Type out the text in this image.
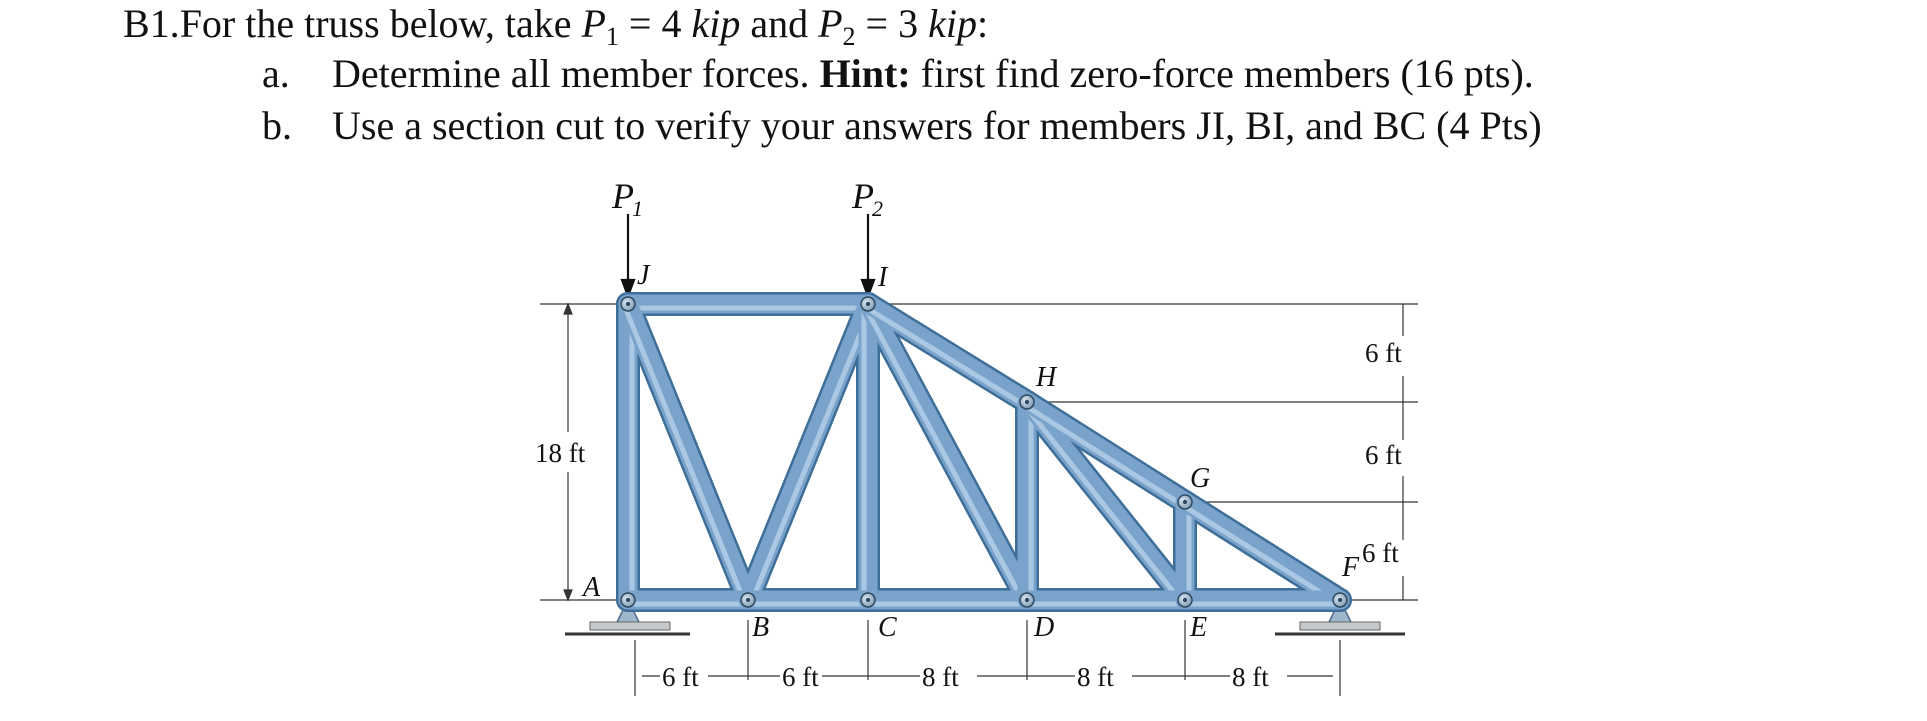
B1.For the truss below, take $P_1 = 4$ kip and $P_2 = 3$ kip:
a. Determine all member forces. Hint: first find zero-force members (16 pts).
b. Use a section cut to verify your answers for members JI, BI, and BC (4 Pts)
P
1	P
2
J	I
H
G
F
A
B	C	D	E
18 ft
6 ft
6 ft
6 ft
6 ft	6 ft	8 ft	8 ft	8 ft
